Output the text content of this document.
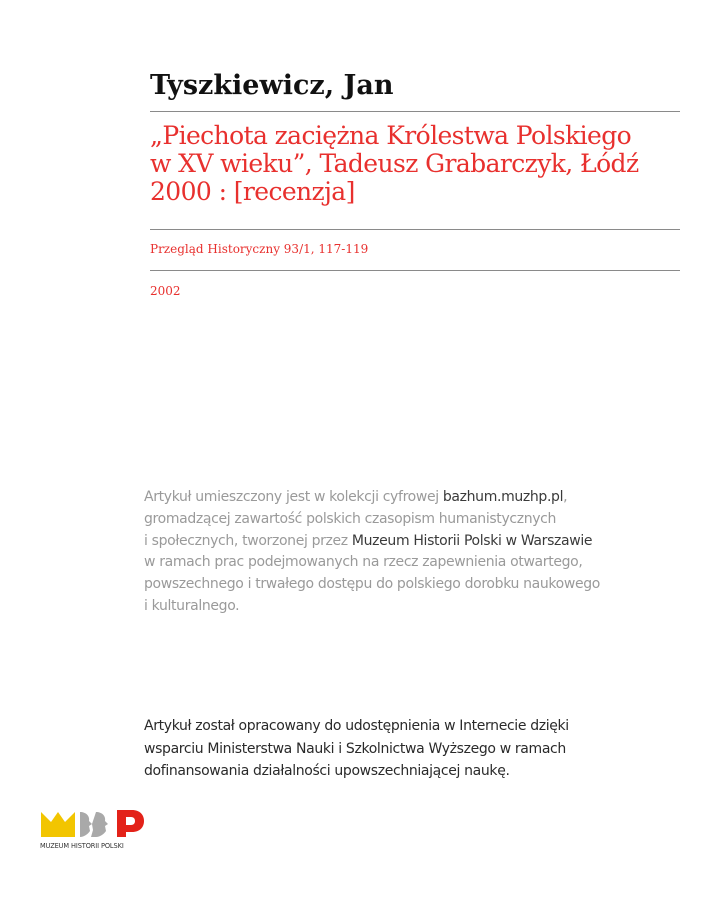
Tyszkiewicz, Jan
„Piechota zaciężna Królestwa Polskiego
w XV wieku”, Tadeusz Grabarczyk, Łódź
2000 : [recenzja]
Przegląd Historyczny 93/1, 117-119
2002
Artykuł umieszczony jest w kolekcji cyfrowej bazhum.muzhp.pl,
gromadzącej zawartość polskich czasopism humanistycznych
i społecznych, tworzonej przez Muzeum Historii Polski w Warszawie
w ramach prac podejmowanych na rzecz zapewnienia otwartego,
powszechnego i trwałego dostępu do polskiego dorobku naukowego
i kulturalnego.
Artykuł został opracowany do udostępnienia w Internecie dzięki
wsparciu Ministerstwa Nauki i Szkolnictwa Wyższego w ramach
dofinansowania działalności upowszechniającej naukę.
MUZEUM HISTORII POLSKI
